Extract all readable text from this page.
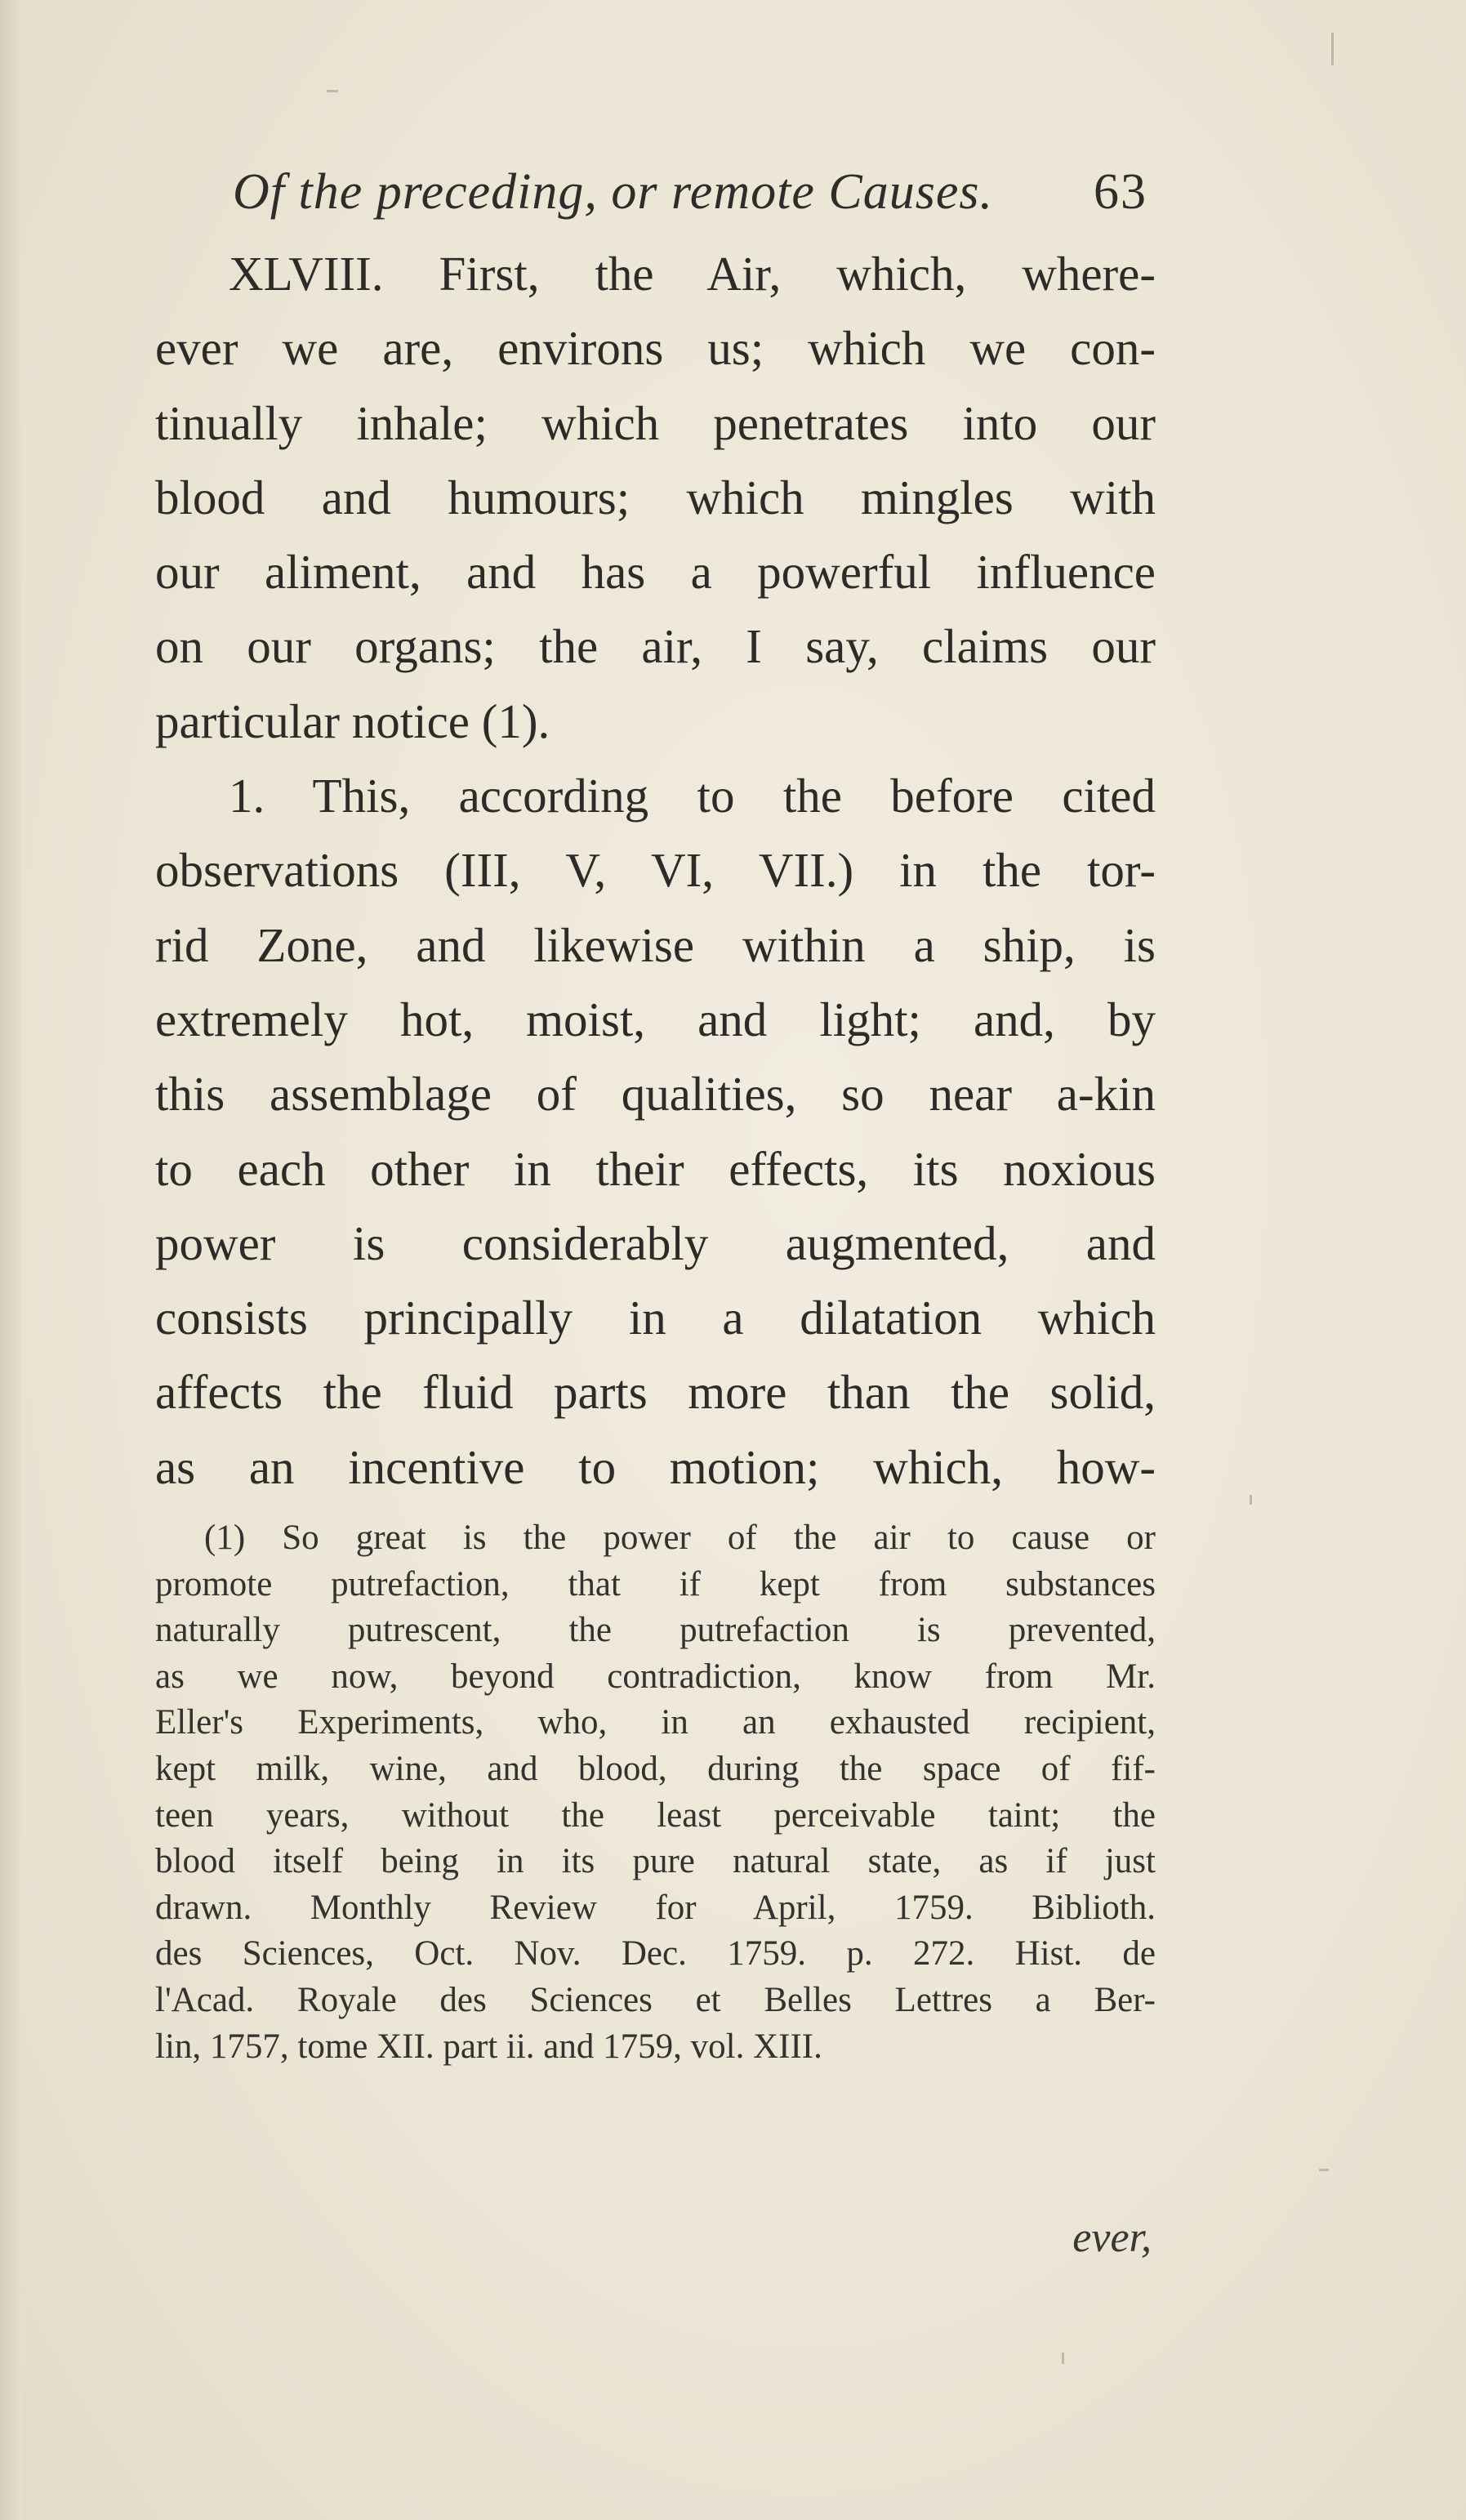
Of the preceding, or remote Causes. 63
XLVIII. First, the Air, which, where-
ever we are, environs us; which we con-
tinually inhale; which penetrates into our
blood and humours; which mingles with
our aliment, and has a powerful influence
on our organs; the air, I say, claims our
particular notice (1).
1. This, according to the before cited
observations (III, V, VI, VII.) in the tor-
rid Zone, and likewise within a ship, is
extremely hot, moist, and light; and, by
this assemblage of qualities, so near a-kin
to each other in their effects, its noxious
power is considerably augmented, and
consists principally in a dilatation which
affects the fluid parts more than the solid,
as an incentive to motion; which, how-
(1) So great is the power of the air to cause or
promote putrefaction, that if kept from substances
naturally putrescent, the putrefaction is prevented,
as we now, beyond contradiction, know from Mr.
Eller's Experiments, who, in an exhausted recipient,
kept milk, wine, and blood, during the space of fif-
teen years, without the least perceivable taint; the
blood itself being in its pure natural state, as if just
drawn. Monthly Review for April, 1759. Biblioth.
des Sciences, Oct. Nov. Dec. 1759. p. 272. Hist. de
l'Acad. Royale des Sciences et Belles Lettres a Ber-
lin, 1757, tome XII. part ii. and 1759, vol. XIII.
ever,
